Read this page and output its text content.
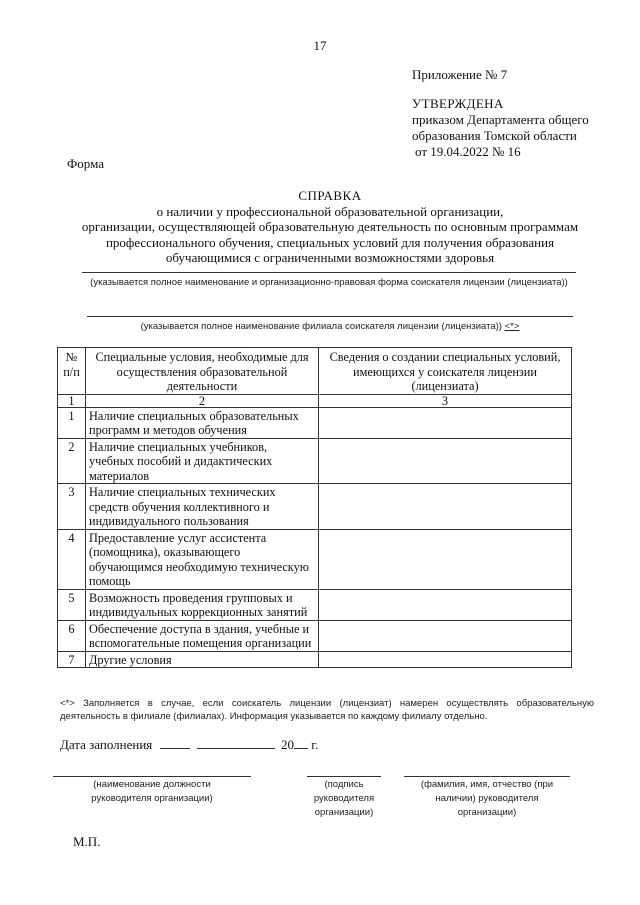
17
Приложение № 7
УТВЕРЖДЕНА
приказом Департамента общего
образования Томской области
от 19.04.2022 № 16
Форма
СПРАВКА
о наличии у профессиональной образовательной организации,
организации, осуществляющей образовательную деятельность по основным программам
профессионального обучения, специальных условий для получения образования
обучающимися с ограниченными возможностями здоровья
(указывается полное наименование и организационно-правовая форма соискателя лицензии (лицензиата))
(указывается полное наименование филиала соискателя лицензии (лицензиата)) <*>
№ п/п	Специальные условия, необходимые для осуществления образовательной деятельности	Сведения о создании специальных условий, имеющихся у соискателя лицензии (лицензиата)
1	2	3
1	Наличие специальных образовательных программ и методов обучения	
2	Наличие специальных учебников, учебных пособий и дидактических материалов	
3	Наличие специальных технических средств обучения коллективного и индивидуального пользования	
4	Предоставление услуг ассистента (помощника), оказывающего обучающимся необходимую техническую помощь	
5	Возможность проведения групповых и индивидуальных коррекционных занятий	
6	Обеспечение доступа в здания, учебные и вспомогательные помещения организации	
7	Другие условия	
<*> Заполняется в случае, если соискатель лицензии (лицензиат) намерен осуществлять образовательную деятельность в филиале (филиалах). Информация указывается по каждому филиалу отдельно.
Дата заполнения	20 г.
(наименование должности руководителя организации)
(подпись руководителя организации)
(фамилия, имя, отчество (при наличии) руководителя организации)
М.П.
